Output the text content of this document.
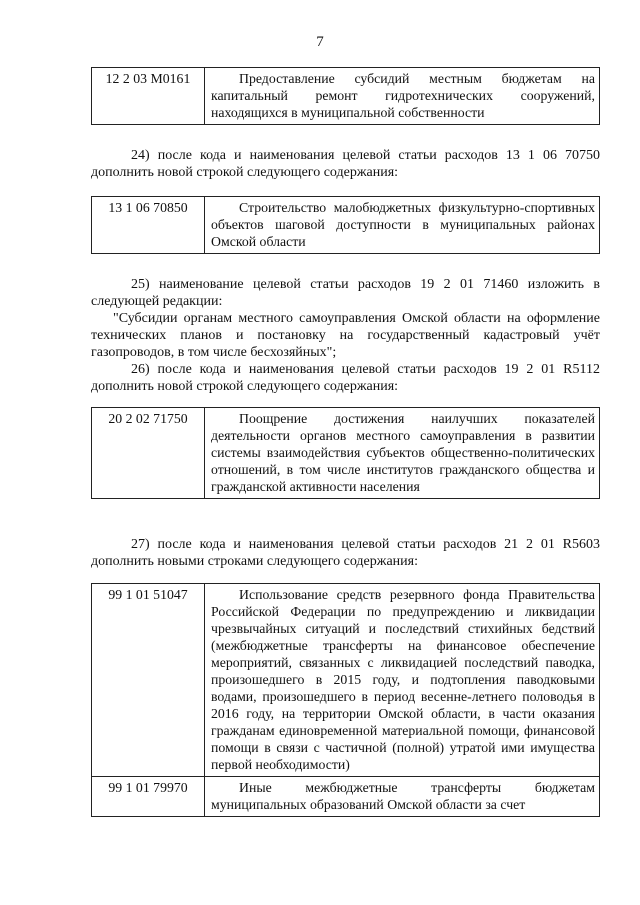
7
12 2 03 M0161	Предоставление субсидий местным бюджетам на капитальный ремонт гидротехнических сооружений, находящихся в муниципальной собственности

24) после кода и наименования целевой статьи расходов 13 1 06 70750 дополнить новой строкой следующего содержания:

13 1 06 70850	Строительство малобюджетных физкультурно-спортивных объектов шаговой доступности в муниципальных районах Омской области

25) наименование целевой статьи расходов 19 2 01 71460 изложить в следующей редакции:

"Субсидии органам местного самоуправления Омской области на оформление технических планов и постановку на государственный кадастровый учёт газопроводов, в том числе бесхозяйных";

26) после кода и наименования целевой статьи расходов 19 2 01 R5112 дополнить новой строкой следующего содержания:

20 2 02 71750	Поощрение достижения наилучших показателей деятельности органов местного самоуправления в развитии системы взаимодействия субъектов общественно-политических отношений, в том числе институтов гражданского общества и гражданской активности населения

27) после кода и наименования целевой статьи расходов 21 2 01 R5603 дополнить новыми строками следующего содержания:

99 1 01 51047	Использование средств резервного фонда Правительства Российской Федерации по предупреждению и ликвидации чрезвычайных ситуаций и последствий стихийных бедствий (межбюджетные трансферты на финансовое обеспечение мероприятий, связанных с ликвидацией последствий паводка, произошедшего в 2015 году, и подтопления паводковыми водами, произошедшего в период весенне-летнего половодья в 2016 году, на территории Омской области, в части оказания гражданам единовременной материальной помощи, финансовой помощи в связи с частичной (полной) утратой ими имущества первой необходимости)
99 1 01 79970	Иные межбюджетные трансферты бюджетам муниципальных образований Омской области за счет
